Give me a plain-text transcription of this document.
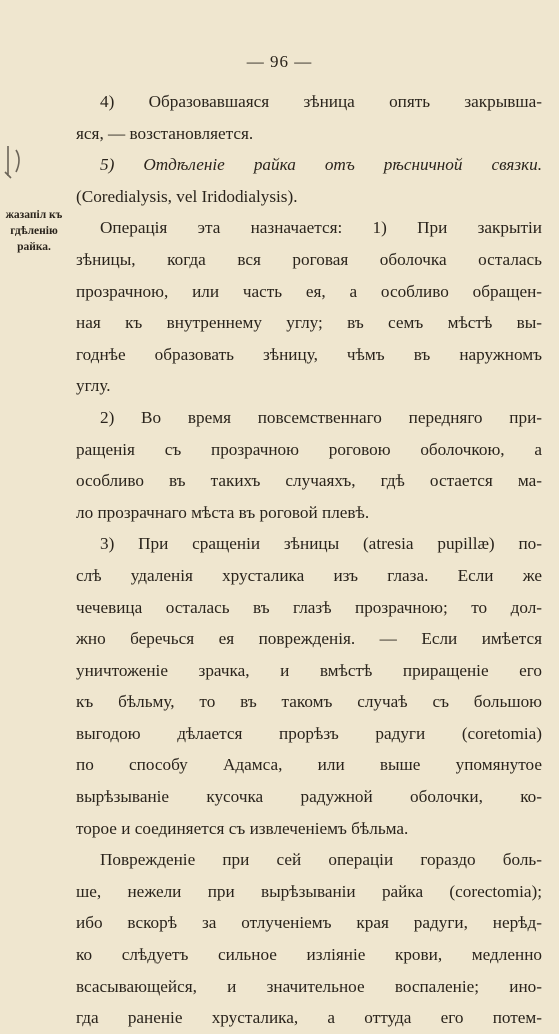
— 96 —
жазапіл къ
гдѣленію
райка.
4) Образовавшаяся зѣница опять закрывша-
яся, — возстановляется.
5) Отдѣленіе райка отъ рѣсничной связки.
(Coredialysis, vel Iridodialysis).
Операція эта назначается: 1) При закрытіи
зѣницы, когда вся роговая оболочка осталась
прозрачною, или часть ея, а особливо обращен-
ная къ внутреннему углу; въ семъ мѣстѣ вы-
годнѣе образовать зѣницу, чѣмъ въ наружномъ
углу.
2) Во время повсемственнаго передняго при-
ращенія съ прозрачною роговою оболочкою, а
особливо въ такихъ случаяхъ, гдѣ остается ма-
ло прозрачнаго мѣста въ роговой плевѣ.
3) При сращеніи зѣницы (atresia pupillæ) по-
слѣ удаленія хрусталика изъ глаза. Если же
чечевица осталась въ глазѣ прозрачною; то дол-
жно беречься ея поврежденія. — Если имѣется
уничтоженіе зрачка, и вмѣстѣ приращеніе его
къ бѣльму, то въ такомъ случаѣ съ большою
выгодою дѣлается прорѣзъ радуги (coretomia)
по способу Адамса, или выше упомянутое
вырѣзываніе кусочка радужной оболочки, ко-
торое и соединяется съ извлеченіемъ бѣльма.
Поврежденіе при сей операціи гораздо боль-
ше, нежели при вырѣзываніи райка (corectomia);
ибо вскорѣ за отлученіемъ края радуги, нерѣд-
ко слѣдуетъ сильное изліяніе крови, медленно
всасывающейся, и значительное воспаленіе; ино-
гда раненіе хрусталика, а оттуда его потем-
